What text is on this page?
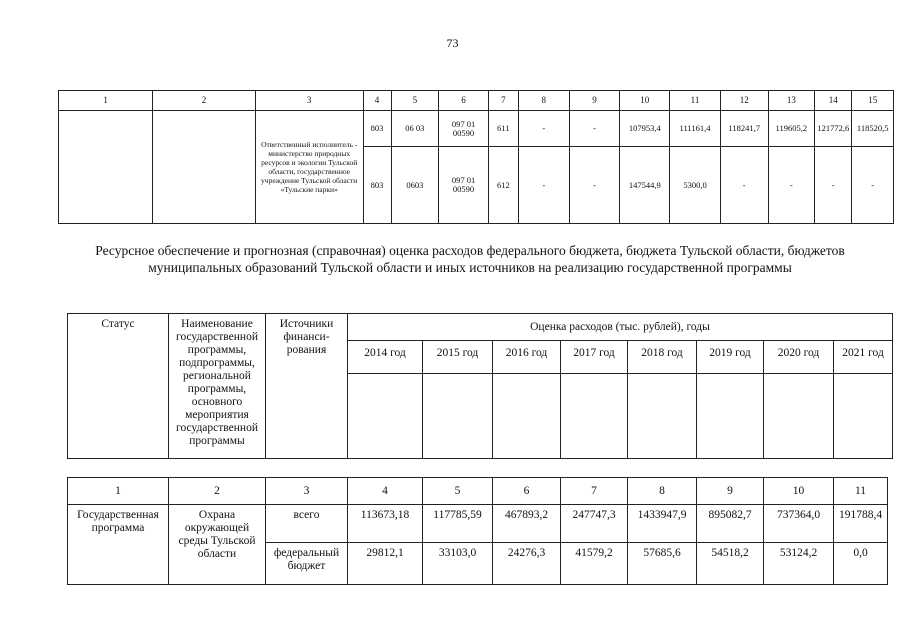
73
1	2	3	4	5	6	7	8	9	10	11	12	13	14	15
		Ответственный исполнитель - министерство природных ресурсов и экологии Тульской области, государственное учреждение Тульской области «Тульские парки»	803	06 03	097 01 00590	611	-	-	107953,4	111161,4	118241,7	119605,2	121772,6	118520,5
			803	0603	097 01 00590	612	-	-	147544,9	5300,0	-	-	-	-
Ресурсное обеспечение и прогнозная (справочная) оценка расходов федерального бюджета, бюджета Тульской области, бюджетов муниципальных образований Тульской области и иных источников на реализацию государственной программы
Статус	Наименование государственной программы, подпрограммы, региональной программы, основного мероприятия государственной программы	Источники финанси-рования	Оценка расходов (тыс. рублей), годы							
			2014 год	2015 год	2016 год	2017 год	2018 год	2019 год	2020 год	2021 год

1	2	3	4	5	6	7	8	9	10	11
Государственная программа	Охрана окружающей среды Тульской области	всего	113673,18	117785,59	467893,2	247747,3	1433947,9	895082,7	737364,0	191788,4
		федеральный бюджет	29812,1	33103,0	24276,3	41579,2	57685,6	54518,2	53124,2	0,0
